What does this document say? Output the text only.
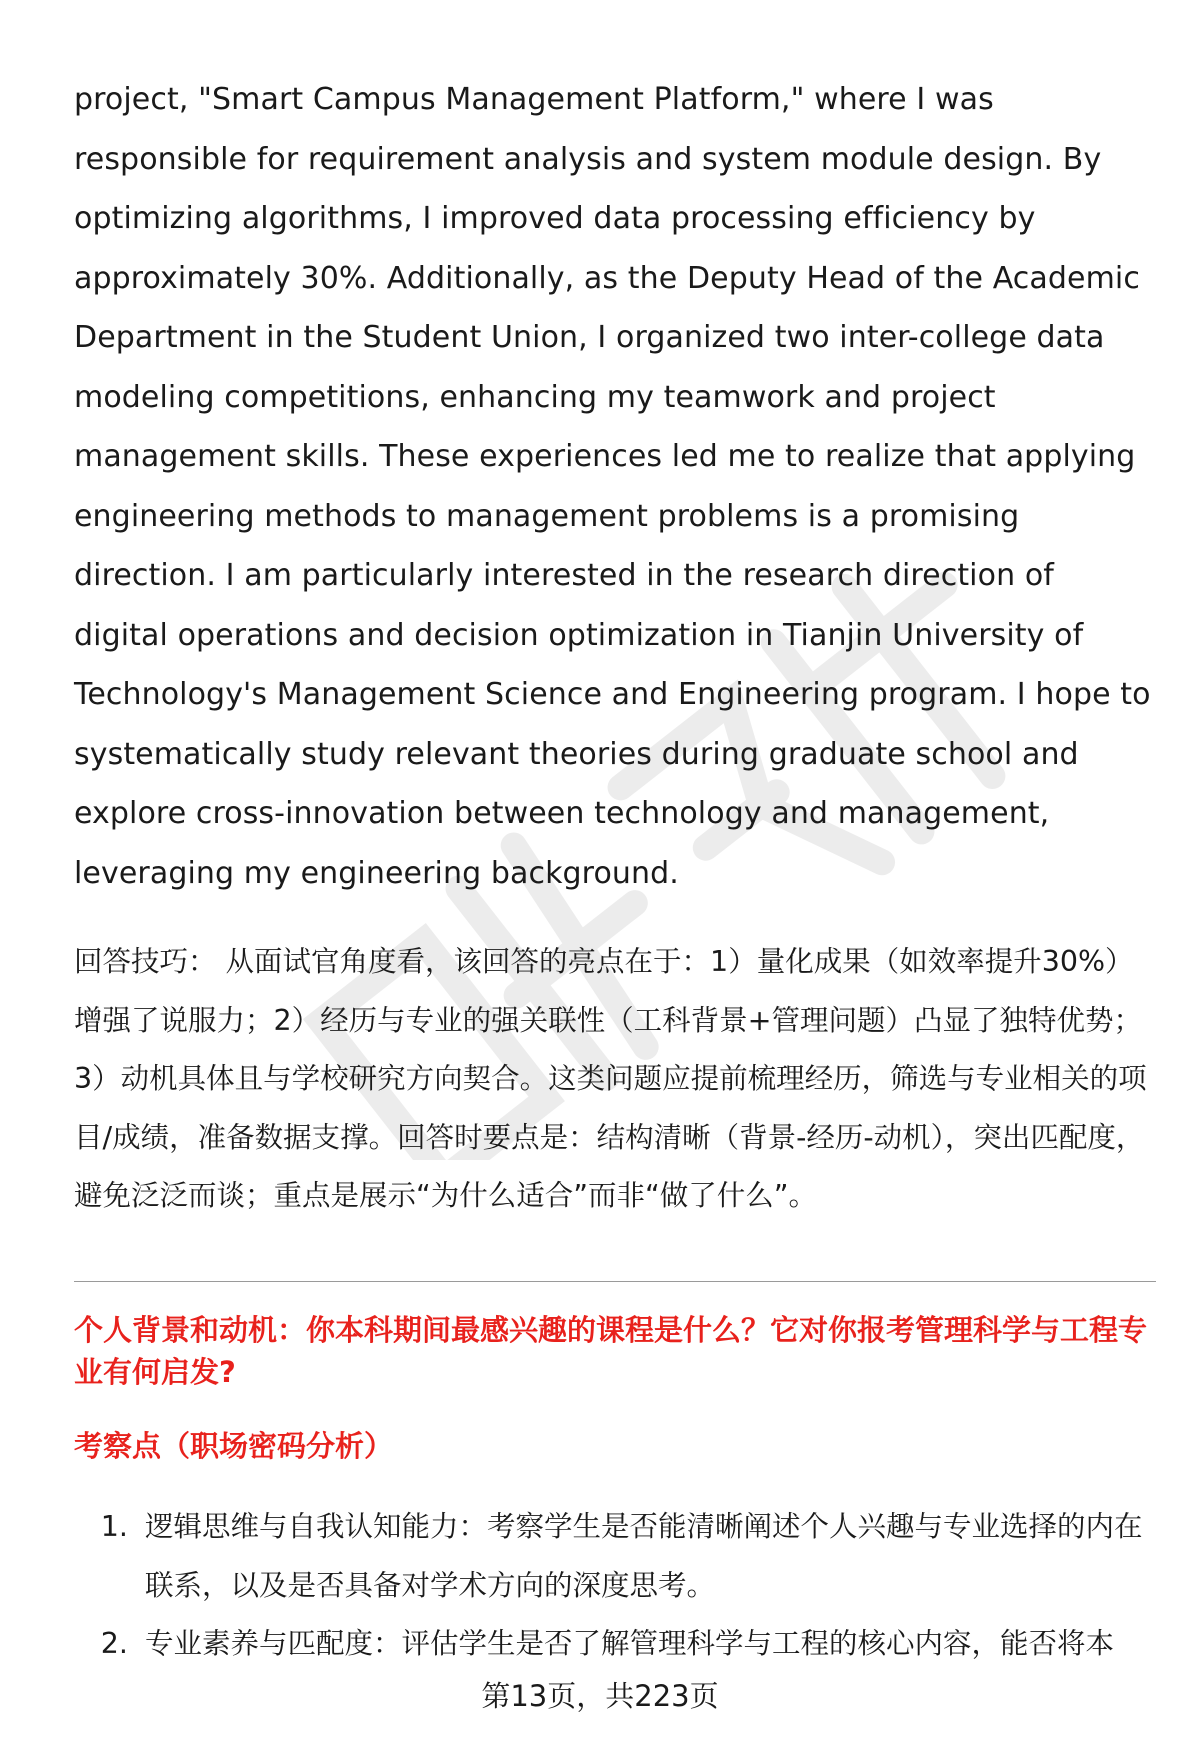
project, "Smart Campus Management Platform," where I was responsible for requirement analysis and system module design. By optimizing algorithms, I improved data processing efficiency by approximately 30%. Additionally, as the Deputy Head of the Academic Department in the Student Union, I organized two inter-college data modeling competitions, enhancing my teamwork and project management skills. These experiences led me to realize that applying engineering methods to management problems is a promising direction. I am particularly interested in the research direction of digital operations and decision optimization in Tianjin University of Technology's Management Science and Engineering program. I hope to systematically study relevant theories during graduate school and explore cross-innovation between technology and management, leveraging my engineering background.

回答技巧： 从面试官角度看，该回答的亮点在于：1）量化成果（如效率提升30%）增强了说服力；2）经历与专业的强关联性（工科背景+管理问题）凸显了独特优势；3）动机具体且与学校研究方向契合。这类问题应提前梳理经历，筛选与专业相关的项目/成绩，准备数据支撑。回答时要点是：结构清晰（背景-经历-动机），突出匹配度，避免泛泛而谈；重点是展示“为什么适合”而非“做了什么”。

个人背景和动机：你本科期间最感兴趣的课程是什么？它对你报考管理科学与工程专业有何启发?

考察点（职场密码分析）

1. 逻辑思维与自我认知能力：考察学生是否能清晰阐述个人兴趣与专业选择的内在联系，以及是否具备对学术方向的深度思考。
2. 专业素养与匹配度：评估学生是否了解管理科学与工程的核心内容，能否将本
第13页，共223页
